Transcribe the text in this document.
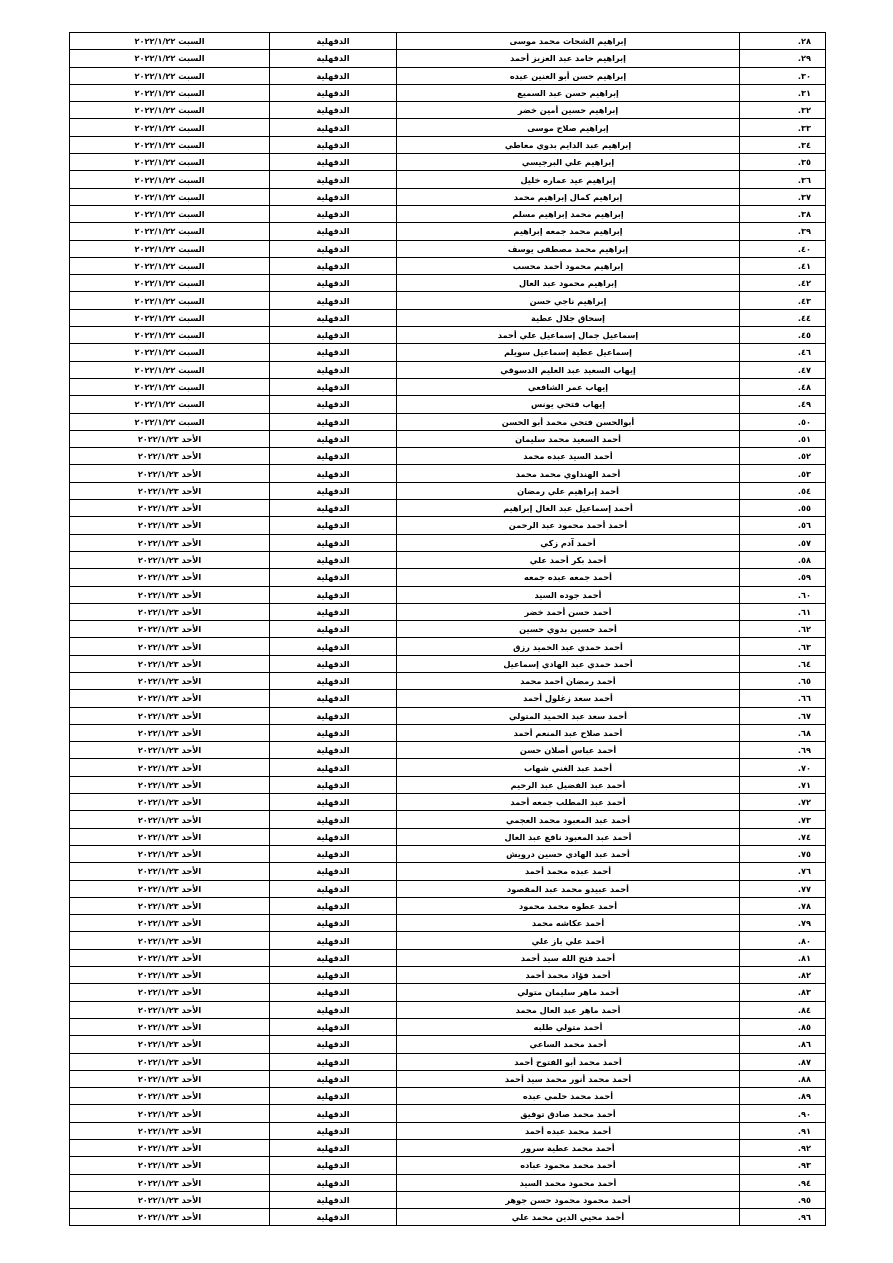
٢٨.	إبراهيم الشحات محمد موسى	الدقهلية	السبت ٢٠٢٢/١/٢٢
٢٩.	إبراهيم حامد عبد العزيز أحمد	الدقهلية	السبت ٢٠٢٢/١/٢٢
٣٠.	إبراهيم حسن أبو العنين عبده	الدقهلية	السبت ٢٠٢٢/١/٢٢
٣١.	إبراهيم حسن عبد السميع	الدقهلية	السبت ٢٠٢٢/١/٢٢
٣٢.	إبراهيم حسين أمين خضر	الدقهلية	السبت ٢٠٢٢/١/٢٢
٣٣.	إبراهيم صلاح موسى	الدقهلية	السبت ٢٠٢٢/١/٢٢
٣٤.	إبراهيم عبد الدايم بدوي معاطي	الدقهلية	السبت ٢٠٢٢/١/٢٢
٣٥.	إبراهيم علي البرجيسي	الدقهلية	السبت ٢٠٢٢/١/٢٢
٣٦.	إبراهيم عيد عماره خليل	الدقهلية	السبت ٢٠٢٢/١/٢٢
٣٧.	إبراهيم كمال إبراهيم محمد	الدقهلية	السبت ٢٠٢٢/١/٢٢
٣٨.	إبراهيم محمد إبراهيم مسلم	الدقهلية	السبت ٢٠٢٢/١/٢٢
٣٩.	إبراهيم محمد جمعه إبراهيم	الدقهلية	السبت ٢٠٢٢/١/٢٢
٤٠.	إبراهيم محمد مصطفى يوسف	الدقهلية	السبت ٢٠٢٢/١/٢٢
٤١.	إبراهيم محمود أحمد محسب	الدقهلية	السبت ٢٠٢٢/١/٢٢
٤٢.	إبراهيم محمود عبد العال	الدقهلية	السبت ٢٠٢٢/١/٢٢
٤٣.	إبراهيم ناجي حسن	الدقهلية	السبت ٢٠٢٢/١/٢٢
٤٤.	إسحاق جلال عطية	الدقهلية	السبت ٢٠٢٢/١/٢٢
٤٥.	إسماعيل جمال إسماعيل علي أحمد	الدقهلية	السبت ٢٠٢٢/١/٢٢
٤٦.	إسماعيل عطية إسماعيل سويلم	الدقهلية	السبت ٢٠٢٢/١/٢٢
٤٧.	إيهاب السعيد عبد العليم الدسوقي	الدقهلية	السبت ٢٠٢٢/١/٢٢
٤٨.	إيهاب عمر الشافعي	الدقهلية	السبت ٢٠٢٢/١/٢٢
٤٩.	إيهاب فتحي يونس	الدقهلية	السبت ٢٠٢٢/١/٢٢
٥٠.	أبوالحسن فتحي محمد أبو الحسن	الدقهلية	السبت ٢٠٢٢/١/٢٢
٥١.	أحمد السعيد محمد سليمان	الدقهلية	الأحد ٢٠٢٢/١/٢٣
٥٢.	أحمد السيد عبده محمد	الدقهلية	الأحد ٢٠٢٢/١/٢٣
٥٣.	أحمد الهنداوي محمد محمد	الدقهلية	الأحد ٢٠٢٢/١/٢٣
٥٤.	أحمد إبراهيم علي رمضان	الدقهلية	الأحد ٢٠٢٢/١/٢٣
٥٥.	أحمد إسماعيل عبد العال إبراهيم	الدقهلية	الأحد ٢٠٢٢/١/٢٣
٥٦.	أحمد أحمد محمود عبد الرحمن	الدقهلية	الأحد ٢٠٢٢/١/٢٣
٥٧.	أحمد آدم زكي	الدقهلية	الأحد ٢٠٢٢/١/٢٣
٥٨.	أحمد بكر أحمد علي	الدقهلية	الأحد ٢٠٢٢/١/٢٣
٥٩.	أحمد جمعه عبده جمعه	الدقهلية	الأحد ٢٠٢٢/١/٢٣
٦٠.	أحمد جوده السيد	الدقهلية	الأحد ٢٠٢٢/١/٢٣
٦١.	أحمد حسن أحمد خضر	الدقهلية	الأحد ٢٠٢٢/١/٢٣
٦٢.	أحمد حسين بدوي حسين	الدقهلية	الأحد ٢٠٢٢/١/٢٣
٦٣.	أحمد حمدي عبد الحميد رزق	الدقهلية	الأحد ٢٠٢٢/١/٢٣
٦٤.	أحمد حمدي عبد الهادي إسماعيل	الدقهلية	الأحد ٢٠٢٢/١/٢٣
٦٥.	أحمد رمضان أحمد محمد	الدقهلية	الأحد ٢٠٢٢/١/٢٣
٦٦.	أحمد سعد زغلول أحمد	الدقهلية	الأحد ٢٠٢٢/١/٢٣
٦٧.	أحمد سعد عبد الحميد المتولي	الدقهلية	الأحد ٢٠٢٢/١/٢٣
٦٨.	أحمد صلاح عبد المنعم أحمد	الدقهلية	الأحد ٢٠٢٢/١/٢٣
٦٩.	أحمد عباس أصلان حسن	الدقهلية	الأحد ٢٠٢٢/١/٢٣
٧٠.	أحمد عبد الغني شهاب	الدقهلية	الأحد ٢٠٢٢/١/٢٣
٧١.	أحمد عبد الفضيل عبد الرحيم	الدقهلية	الأحد ٢٠٢٢/١/٢٣
٧٢.	أحمد عبد المطلب جمعه أحمد	الدقهلية	الأحد ٢٠٢٢/١/٢٣
٧٣.	أحمد عبد المعبود محمد العجمي	الدقهلية	الأحد ٢٠٢٢/١/٢٣
٧٤.	أحمد عبد المعبود نافع عبد العال	الدقهلية	الأحد ٢٠٢٢/١/٢٣
٧٥.	أحمد عبد الهادي حسين درويش	الدقهلية	الأحد ٢٠٢٢/١/٢٣
٧٦.	أحمد عبده محمد أحمد	الدقهلية	الأحد ٢٠٢٢/١/٢٣
٧٧.	أحمد عبيدو محمد عبد المقصود	الدقهلية	الأحد ٢٠٢٢/١/٢٣
٧٨.	أحمد عطوه محمد محمود	الدقهلية	الأحد ٢٠٢٢/١/٢٣
٧٩.	أحمد عكاشه محمد	الدقهلية	الأحد ٢٠٢٢/١/٢٣
٨٠.	أحمد علي باز علي	الدقهلية	الأحد ٢٠٢٢/١/٢٣
٨١.	أحمد فتح الله سيد أحمد	الدقهلية	الأحد ٢٠٢٢/١/٢٣
٨٢.	أحمد فؤاد محمد أحمد	الدقهلية	الأحد ٢٠٢٢/١/٢٣
٨٣.	أحمد ماهر سليمان متولي	الدقهلية	الأحد ٢٠٢٢/١/٢٣
٨٤.	أحمد ماهر عبد العال محمد	الدقهلية	الأحد ٢٠٢٢/١/٢٣
٨٥.	أحمد متولي طلبه	الدقهلية	الأحد ٢٠٢٢/١/٢٣
٨٦.	أحمد محمد الساعي	الدقهلية	الأحد ٢٠٢٢/١/٢٣
٨٧.	أحمد محمد أبو الفتوح أحمد	الدقهلية	الأحد ٢٠٢٢/١/٢٣
٨٨.	أحمد محمد أنور محمد سيد أحمد	الدقهلية	الأحد ٢٠٢٢/١/٢٣
٨٩.	أحمد محمد حلمي عبده	الدقهلية	الأحد ٢٠٢٢/١/٢٣
٩٠.	أحمد محمد صادق توفيق	الدقهلية	الأحد ٢٠٢٢/١/٢٣
٩١.	أحمد محمد عبده أحمد	الدقهلية	الأحد ٢٠٢٢/١/٢٣
٩٢.	أحمد محمد عطية سرور	الدقهلية	الأحد ٢٠٢٢/١/٢٣
٩٣.	أحمد محمد محمود عباده	الدقهلية	الأحد ٢٠٢٢/١/٢٣
٩٤.	أحمد محمود محمد السيد	الدقهلية	الأحد ٢٠٢٢/١/٢٣
٩٥.	أحمد محمود محمود حسن جوهر	الدقهلية	الأحد ٢٠٢٢/١/٢٣
٩٦.	أحمد محيي الدين محمد علي	الدقهلية	الأحد ٢٠٢٢/١/٢٣
